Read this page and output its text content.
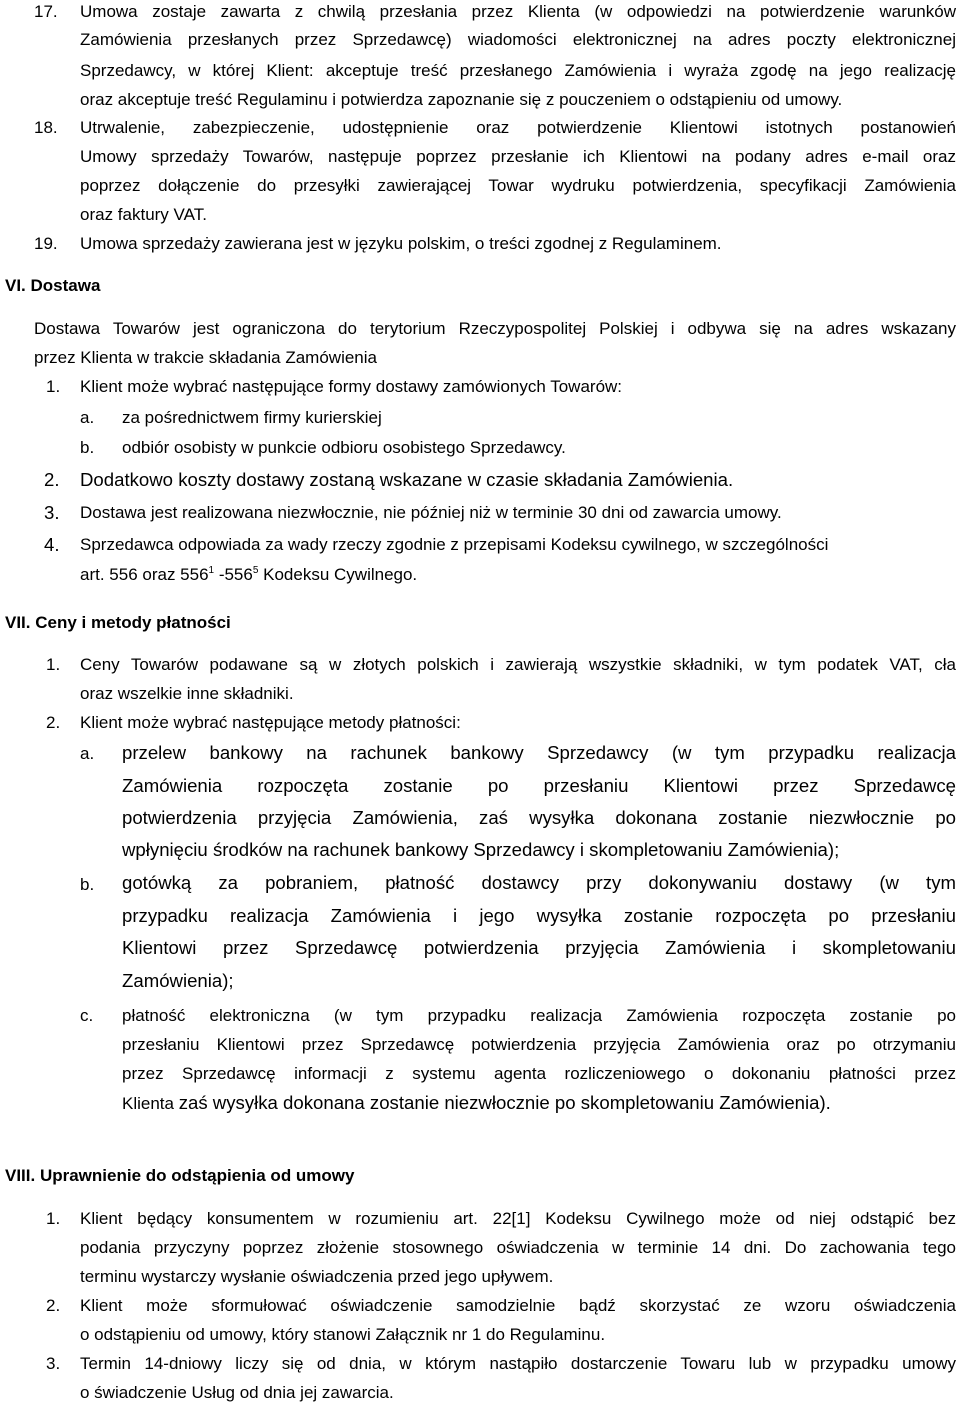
17. Umowa zostaje zawarta z chwilą przesłania przez Klienta (w odpowiedzi na potwierdzenie warunków

Zamówienia przesłanych przez Sprzedawcę) wiadomości elektronicznej na adres poczty elektronicznej

Sprzedawcy, w której Klient: akceptuje treść przesłanego Zamówienia i wyraża zgodę na jego realizację

oraz akceptuje treść Regulaminu i potwierdza zapoznanie się z pouczeniem o odstąpieniu od umowy.

18. Utrwalenie, zabezpieczenie, udostępnienie oraz potwierdzenie Klientowi istotnych postanowień

Umowy sprzedaży Towarów, następuje poprzez przesłanie ich Klientowi na podany adres e-mail oraz

poprzez dołączenie do przesyłki zawierającej Towar wydruku potwierdzenia, specyfikacji Zamówienia

oraz faktury VAT.

19. Umowa sprzedaży zawierana jest w języku polskim, o treści zgodnej z Regulaminem.

VI. Dostawa

Dostawa Towarów jest ograniczona do terytorium Rzeczypospolitej Polskiej i odbywa się na adres wskazany

przez Klienta w trakcie składania Zamówienia

1. Klient może wybrać następujące formy dostawy zamówionych Towarów:

a. za pośrednictwem firmy kurierskiej

b. odbiór osobisty w punkcie odbioru osobistego Sprzedawcy.

2. Dodatkowo koszty dostawy zostaną wskazane w czasie składania Zamówienia.

3. Dostawa jest realizowana niezwłocznie, nie później niż w terminie 30 dni od zawarcia umowy.

4. Sprzedawca odpowiada za wady rzeczy zgodnie z przepisami Kodeksu cywilnego, w szczególności

art. 556 oraz $556^1$ $-556^5$ Kodeksu Cywilnego.

VII. Ceny i metody płatności

1. Ceny Towarów podawane są w złotych polskich i zawierają wszystkie składniki, w tym podatek VAT, cła

oraz wszelkie inne składniki.

2. Klient może wybrać następujące metody płatności:

a. przelew bankowy na rachunek bankowy Sprzedawcy (w tym przypadku realizacja

Zamówienia rozpoczęta zostanie po przesłaniu Klientowi przez Sprzedawcę

potwierdzenia przyjęcia Zamówienia, zaś wysyłka dokonana zostanie niezwłocznie po

wpłynięciu środków na rachunek bankowy Sprzedawcy i skompletowaniu Zamówienia);

b. gotówką za pobraniem, płatność dostawcy przy dokonywaniu dostawy (w tym

przypadku realizacja Zamówienia i jego wysyłka zostanie rozpoczęta po przesłaniu

Klientowi przez Sprzedawcę potwierdzenia przyjęcia Zamówienia i skompletowaniu

Zamówienia);

c. płatność elektroniczna (w tym przypadku realizacja Zamówienia rozpoczęta zostanie po

przesłaniu Klientowi przez Sprzedawcę potwierdzenia przyjęcia Zamówienia oraz po otrzymaniu

przez Sprzedawcę informacji z systemu agenta rozliczeniowego o dokonaniu płatności przez

Klienta zaś wysyłka dokonana zostanie niezwłocznie po skompletowaniu Zamówienia).

VIII. Uprawnienie do odstąpienia od umowy

1. Klient będący konsumentem w rozumieniu art. 22[1] Kodeksu Cywilnego może od niej odstąpić bez

podania przyczyny poprzez złożenie stosownego oświadczenia w terminie 14 dni. Do zachowania tego

terminu wystarczy wysłanie oświadczenia przed jego upływem.

2. Klient może sformułować oświadczenie samodzielnie bądź skorzystać ze wzoru oświadczenia

o odstąpieniu od umowy, który stanowi Załącznik nr 1 do Regulaminu.

3. Termin 14-dniowy liczy się od dnia, w którym nastąpiło dostarczenie Towaru lub w przypadku umowy

o świadczenie Usług od dnia jej zawarcia.
